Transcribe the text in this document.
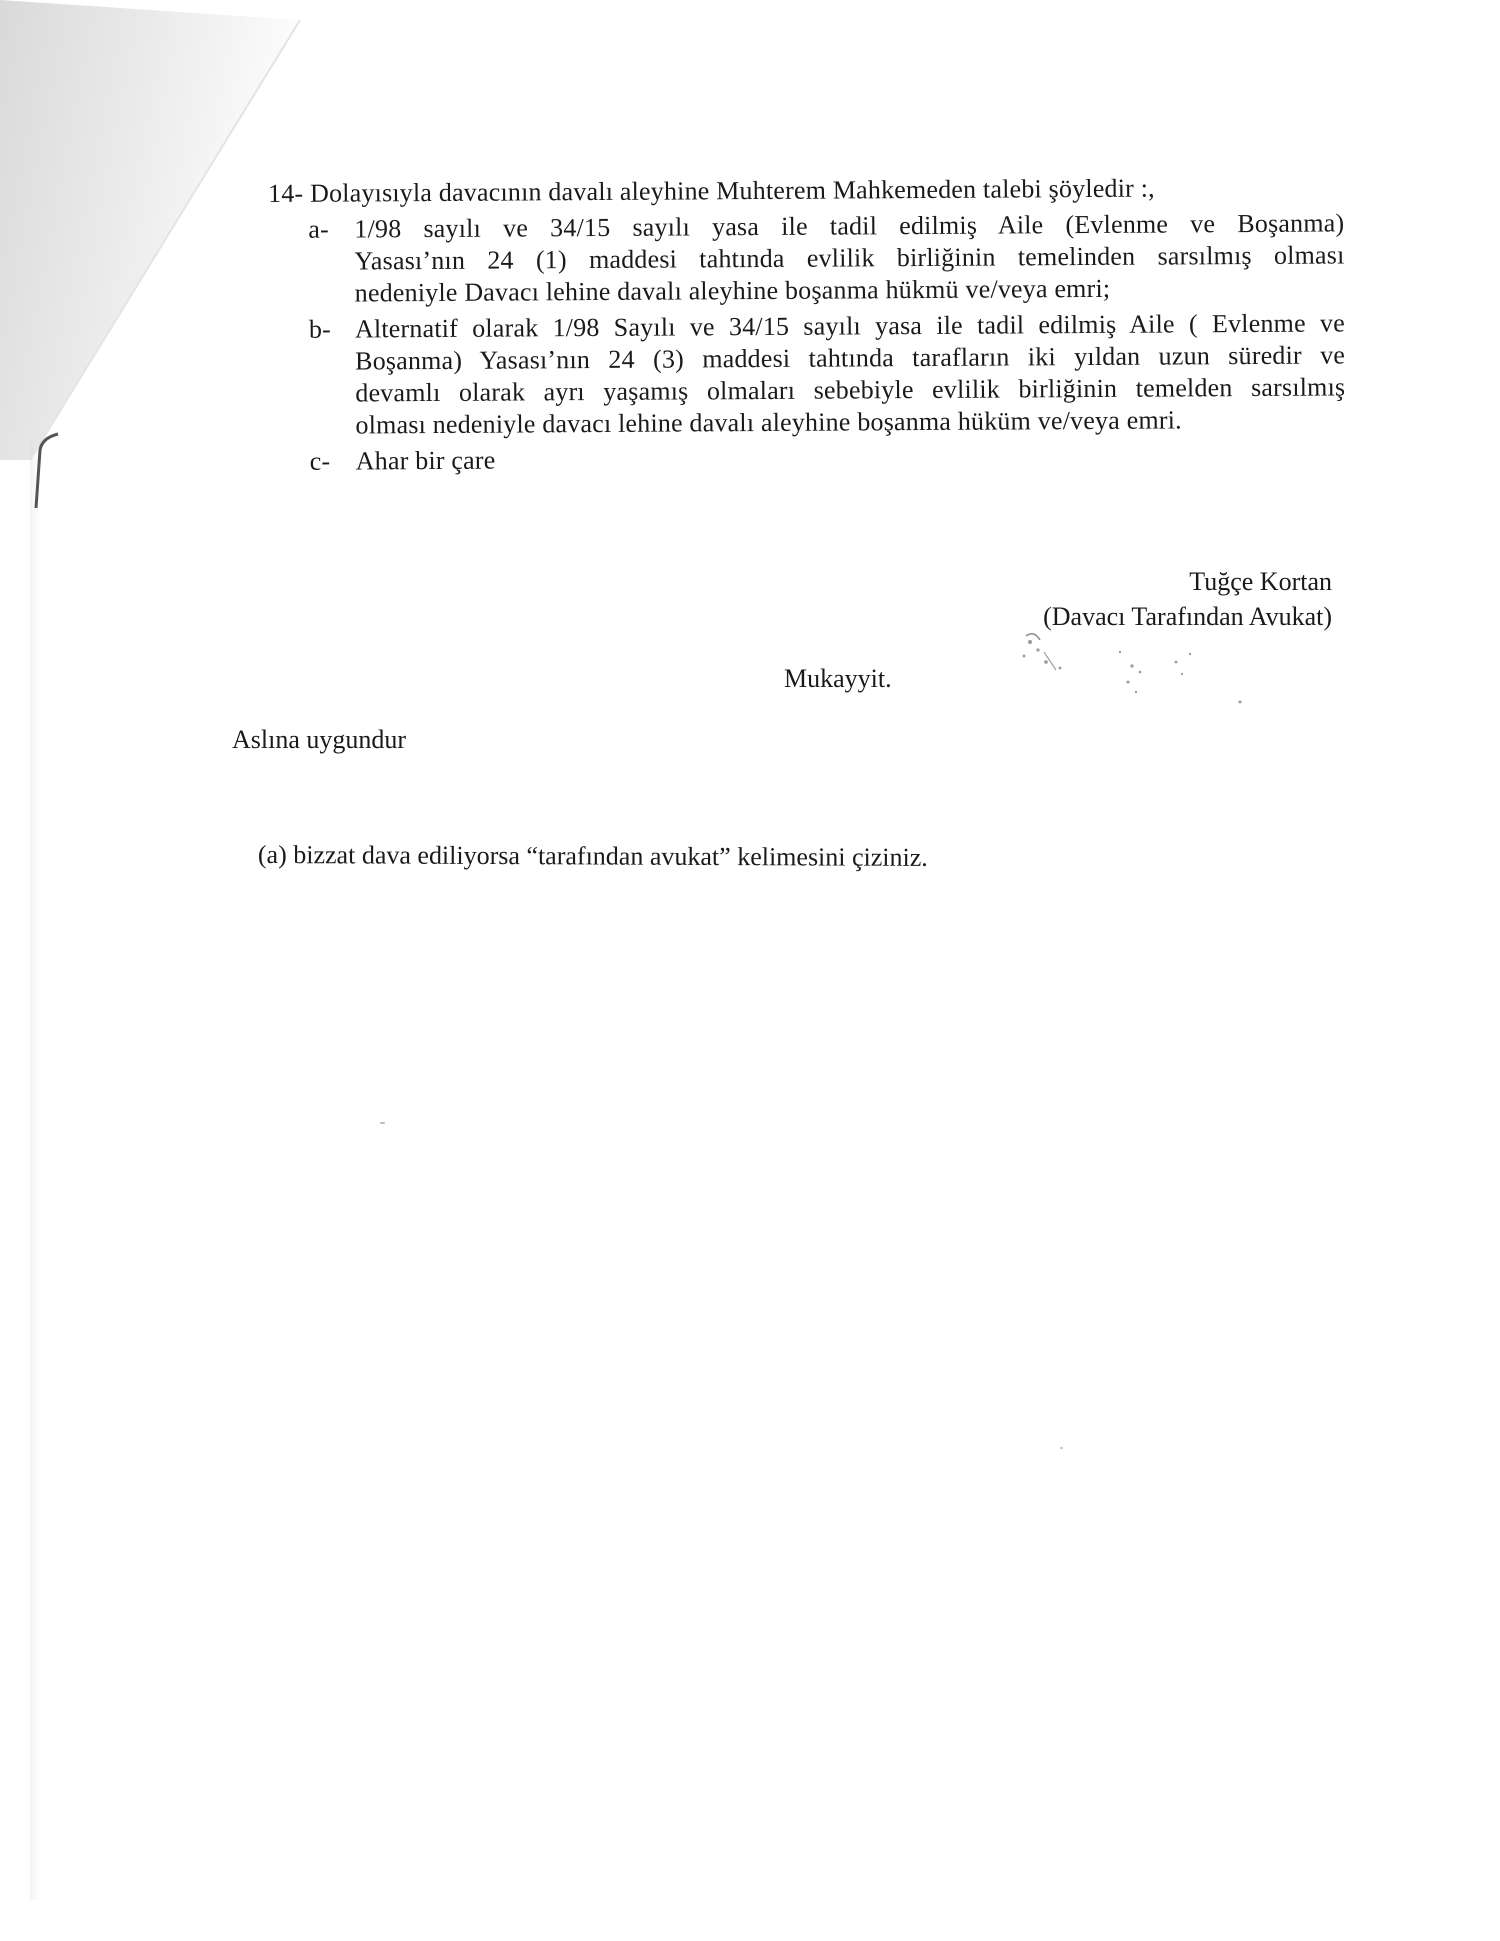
14- Dolayısıyla davacının davalı aleyhine Muhterem Mahkemeden talebi şöyledir :,
a- 1/98 sayılı ve 34/15 sayılı yasa ile tadil edilmiş Aile (Evlenme ve Boşanma)
Yasası’nın 24 (1) maddesi tahtında evlilik birliğinin temelinden sarsılmış olması
nedeniyle Davacı lehine davalı aleyhine boşanma hükmü ve/veya emri;
b- Alternatif olarak 1/98 Sayılı ve 34/15 sayılı yasa ile tadil edilmiş Aile ( Evlenme ve
Boşanma) Yasası’nın 24 (3) maddesi tahtında tarafların iki yıldan uzun süredir ve
devamlı olarak ayrı yaşamış olmaları sebebiyle evlilik birliğinin temelden sarsılmış
olması nedeniyle davacı lehine davalı aleyhine boşanma hüküm ve/veya emri.
c- Ahar bir çare
Tuğçe Kortan
(Davacı Tarafından Avukat)
Mukayyit.
Aslına uygundur
(a) bizzat dava ediliyorsa “tarafından avukat” kelimesini çiziniz.
